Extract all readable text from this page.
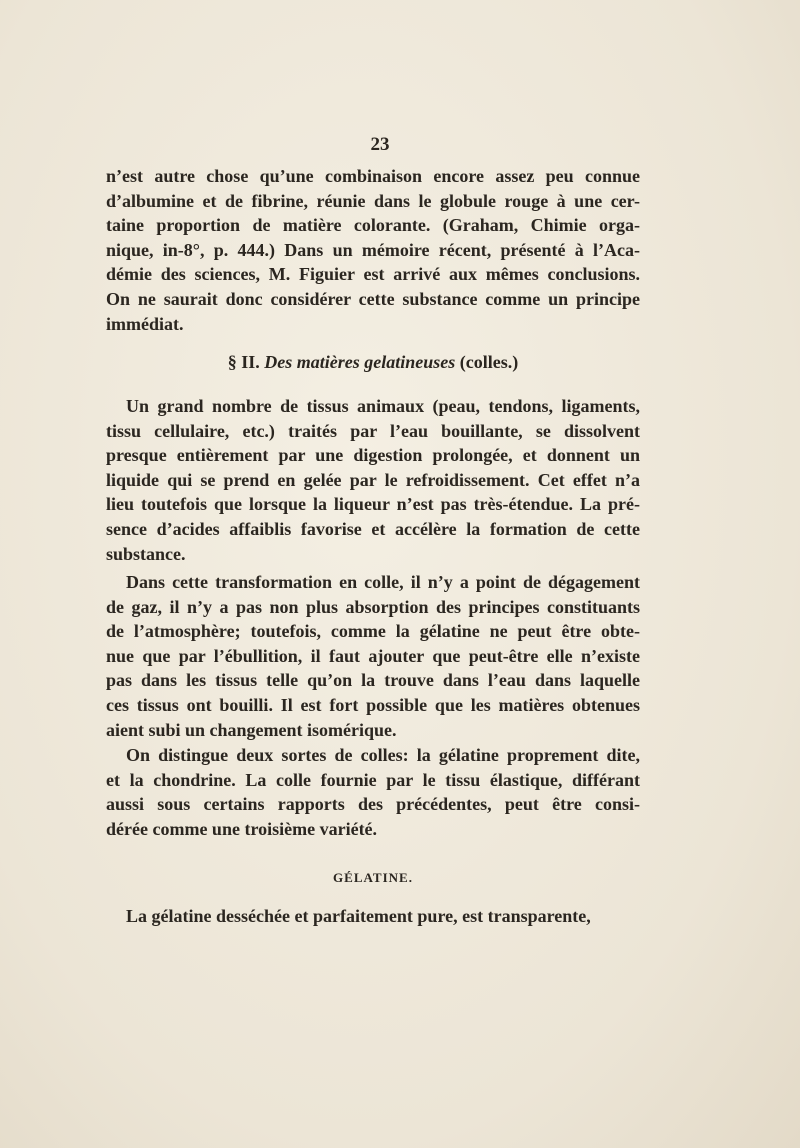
23
n’est autre chose qu’une combinaison encore assez peu connue
d’albumine et de fibrine, réunie dans le globule rouge à une cer-
taine proportion de matière colorante. (Graham, Chimie orga-
nique, in-8°, p. 444.) Dans un mémoire récent, présenté à l’Aca-
démie des sciences, M. Figuier est arrivé aux mêmes conclusions.
On ne saurait donc considérer cette substance comme un principe
immédiat.
§ II. Des matières gelatineuses (colles.)
Un grand nombre de tissus animaux (peau, tendons, ligaments,
tissu cellulaire, etc.) traités par l’eau bouillante, se dissolvent
presque entièrement par une digestion prolongée, et donnent un
liquide qui se prend en gelée par le refroidissement. Cet effet n’a
lieu toutefois que lorsque la liqueur n’est pas très-étendue. La pré-
sence d’acides affaiblis favorise et accélère la formation de cette
substance.
Dans cette transformation en colle, il n’y a point de dégagement
de gaz, il n’y a pas non plus absorption des principes constituants
de l’atmosphère; toutefois, comme la gélatine ne peut être obte-
nue que par l’ébullition, il faut ajouter que peut-être elle n’existe
pas dans les tissus telle qu’on la trouve dans l’eau dans laquelle
ces tissus ont bouilli. Il est fort possible que les matières obtenues
aient subi un changement isomérique.
On distingue deux sortes de colles: la gélatine proprement dite,
et la chondrine. La colle fournie par le tissu élastique, différant
aussi sous certains rapports des précédentes, peut être consi-
dérée comme une troisième variété.
GÉLATINE.
La gélatine desséchée et parfaitement pure, est transparente,
